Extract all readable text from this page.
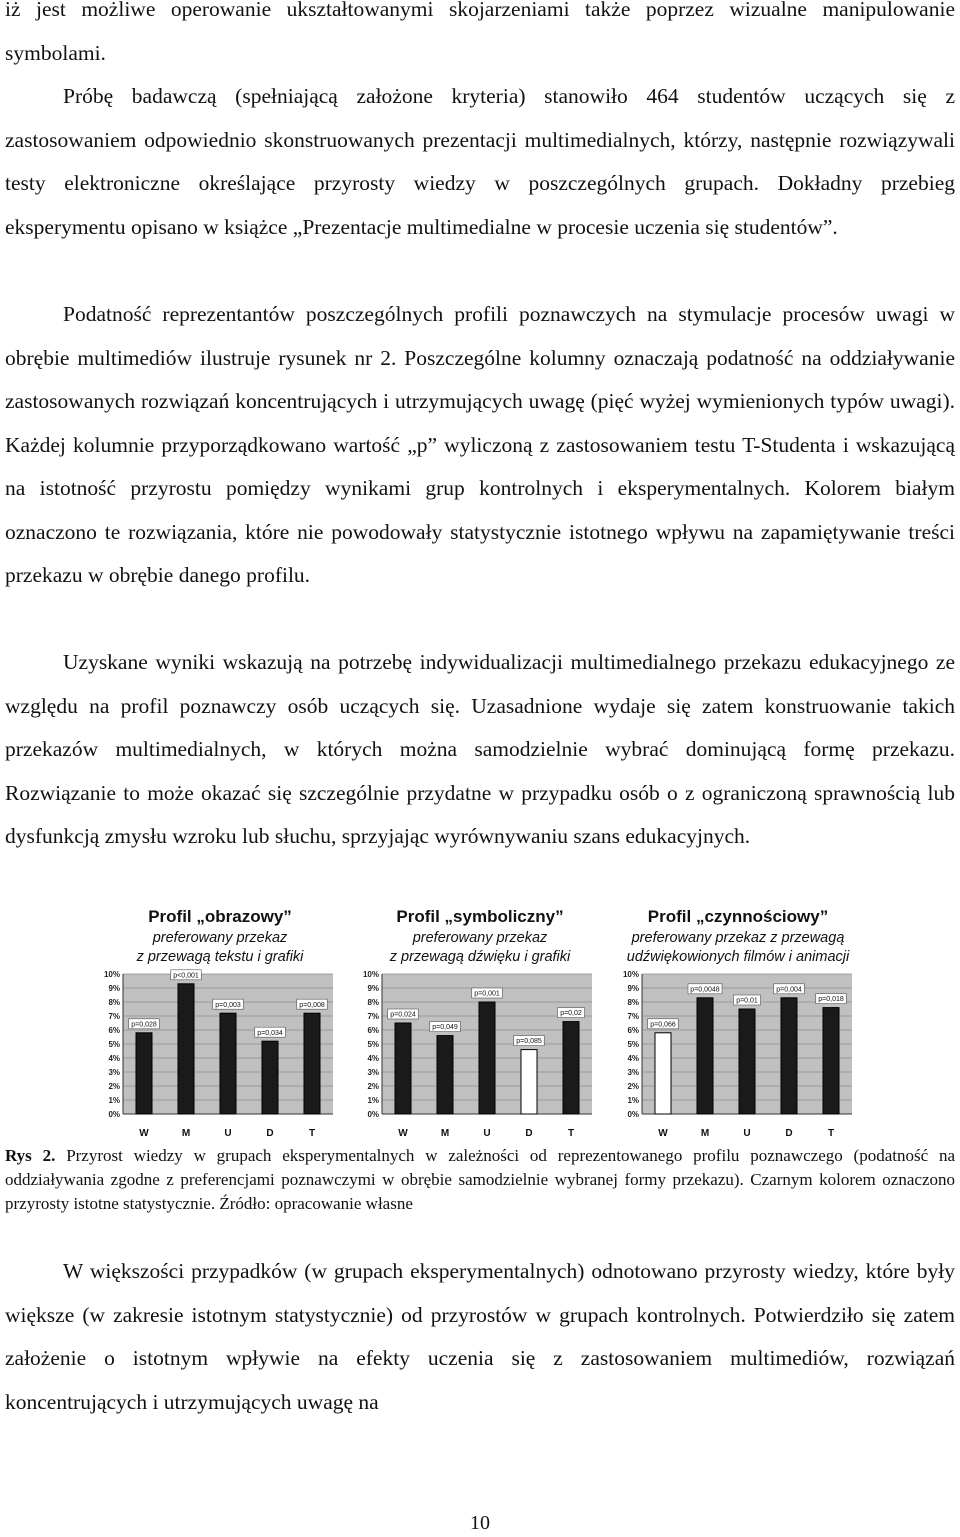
iż jest możliwe operowanie ukształtowanymi skojarzeniami także poprzez wizualne manipulowanie symbolami.

Próbę badawczą (spełniającą założone kryteria) stanowiło 464 studentów uczących się z zastosowaniem odpowiednio skonstruowanych prezentacji multimedialnych, którzy, następnie rozwiązywali testy elektroniczne określające przyrosty wiedzy w poszczególnych grupach. Dokładny przebieg eksperymentu opisano w książce „Prezentacje multimedialne w procesie uczenia się studentów”.

Podatność reprezentantów poszczególnych profili poznawczych na stymulacje procesów uwagi w obrębie multimediów ilustruje rysunek nr 2. Poszczególne kolumny oznaczają podatność na oddziaływanie zastosowanych rozwiązań koncentrujących i utrzymujących uwagę (pięć wyżej wymienionych typów uwagi). Każdej kolumnie przyporządkowano wartość „p” wyliczoną z zastosowaniem testu T-Studenta i wskazującą na istotność przyrostu pomiędzy wynikami grup kontrolnych i eksperymentalnych. Kolorem białym oznaczono te rozwiązania, które nie powodowały statystycznie istotnego wpływu na zapamiętywanie treści przekazu w obrębie danego profilu.

Uzyskane wyniki wskazują na potrzebę indywidualizacji multimedialnego przekazu edukacyjnego ze względu na profil poznawczy osób uczących się. Uzasadnione wydaje się zatem konstruowanie takich przekazów multimedialnych, w których można samodzielnie wybrać dominującą formę przekazu. Rozwiązanie to może okazać się szczególnie przydatne w przypadku osób o z ograniczoną sprawnością lub dysfunkcją zmysłu wzroku lub słuchu, sprzyjając wyrównywaniu szans edukacyjnych.

Profil „obrazowy”
preferowany przekaz
z przewagą tekstu i grafiki
Profil „symboliczny”
preferowany przekaz
z przewagą dźwięku i grafiki
Profil „czynnościowy”
preferowany przekaz z przewagą
udźwiękowionych filmów i animacji
0%
1%
2%
3%
4%
5%
6%
7%
8%
9%
10%
p=0,028
W
p<0,001
M
p=0,003
U
p=0,034
D
p=0,008
T
0%
1%
2%
3%
4%
5%
6%
7%
8%
9%
10%
p=0,024
W
p=0,049
M
p=0,001
U
p=0,085
D
p=0,02
T
0%
1%
2%
3%
4%
5%
6%
7%
8%
9%
10%
p=0,066
W
p=0,0048
M
p=0,01
U
p=0,004
D
p=0,018
T

Rys 2. Przyrost wiedzy w grupach eksperymentalnych w zależności od reprezentowanego profilu poznawczego (podatność na oddziaływania zgodne z preferencjami poznawczymi w obrębie samodzielnie wybranej formy przekazu). Czarnym kolorem oznaczono przyrosty istotne statystycznie. Źródło: opracowanie własne

W większości przypadków (w grupach eksperymentalnych) odnotowano przyrosty wiedzy, które były większe (w zakresie istotnym statystycznie) od przyrostów w grupach kontrolnych. Potwierdziło się zatem założenie o istotnym wpływie na efekty uczenia się z zastosowaniem multimediów, rozwiązań koncentrujących i utrzymujących uwagę na

10
